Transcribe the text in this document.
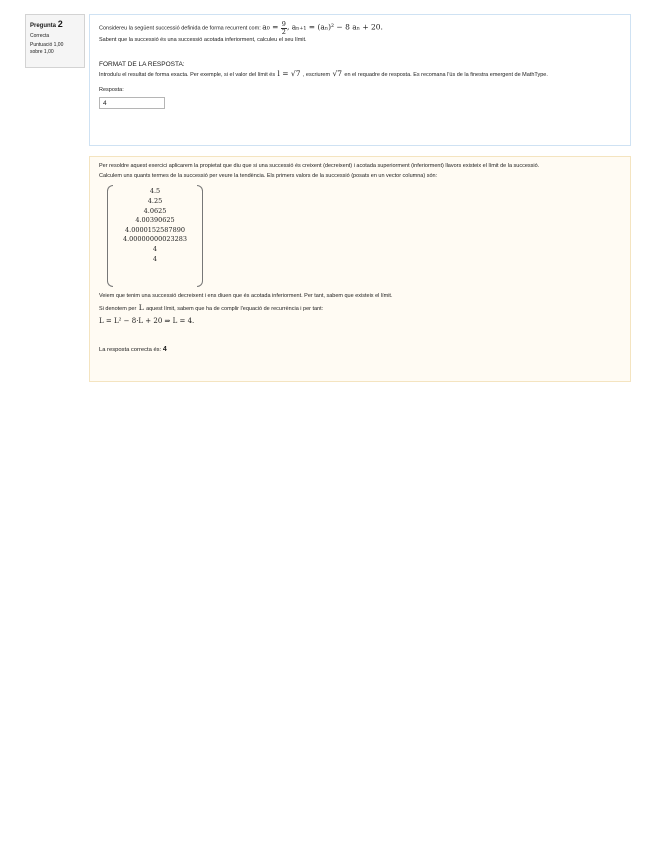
Pregunta 2
Correcta
Puntuació 1,00
sobre 1,00

Considereu la següent successió definida de forma recurrent com: $a_0 = \frac{9}{2}$ , aₙ₊₁ = (aₙ)² − 8 aₙ + 20.

Sabent que la successió és una successió acotada inferiorment, calculeu el seu límit.

FORMAT DE LA RESPOSTA:

Introduïu el resultat de forma exacta. Per exemple, si el valor del límit és l = √7 , escriurem √7 en el requadre de resposta. Es recomana l'ús de la finestra emergent de MathType.

Resposta:

4

Per resoldre aquest exercici aplicarem la propietat que diu que si una successió és creixent (decreixent) i acotada superiorment (inferiorment) llavors existeix el límit de la successió.

Calculem uns quants termes de la successió per veure la tendència. Els primers valors de la successió (posats en un vector columna) són:

4.5
4.25
4.0625
4.00390625
4.0000152587890
4.00000000023283
4
4

Veiem que tenim una successió decreixent i ens diuen que és acotada inferiorment. Per tant, sabem que existeix el límit.

Si denotem per L aquest límit, sabem que ha de complir l'equació de recurrència i per tant:

L = L² − 8·L + 20 ⇒ L = 4.

La resposta correcta és: 4
